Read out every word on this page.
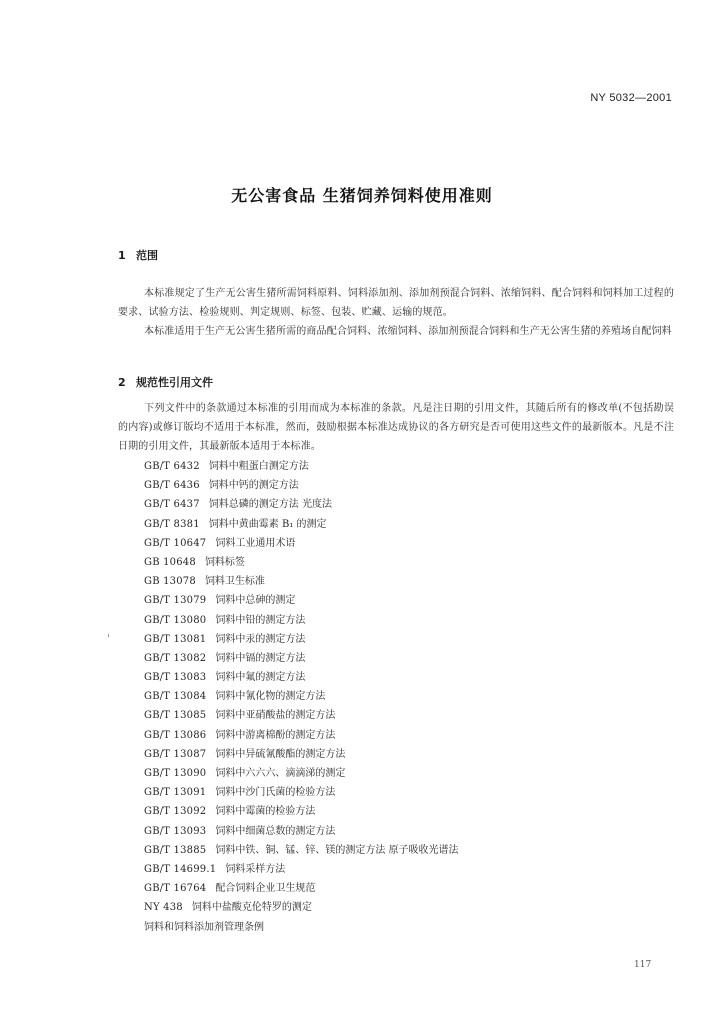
NY 5032—2001
无公害食品 生猪饲养饲料使用准则
1 范围

本标准规定了生产无公害生猪所需饲料原料、饲料添加剂、添加剂预混合饲料、浓缩饲料、配合饲料和饲料加工过程的要求、试验方法、检验规则、判定规则、标签、包装、贮藏、运输的规范。

本标准适用于生产无公害生猪所需的商品配合饲料、浓缩饲料、添加剂预混合饲料和生产无公害生猪的养殖场自配饲料

2 规范性引用文件

下列文件中的条款通过本标准的引用而成为本标准的条款。凡是注日期的引用文件，其随后所有的修改单(不包括勘误的内容)或修订版均不适用于本标准，然而，鼓励根据本标准达成协议的各方研究是否可使用这些文件的最新版本。凡是不注日期的引用文件，其最新版本适用于本标准。

GB/T 6432 饲料中粗蛋白测定方法
GB/T 6436 饲料中钙的测定方法
GB/T 6437 饲料总磷的测定方法 光度法
GB/T 8381 饲料中黄曲霉素 B₁ 的测定
GB/T 10647 饲料工业通用术语
GB 10648 饲料标签
GB 13078 饲料卫生标准
GB/T 13079 饲料中总砷的测定
GB/T 13080 饲料中铅的测定方法
GB/T 13081 饲料中汞的测定方法
GB/T 13082 饲料中镉的测定方法
GB/T 13083 饲料中氟的测定方法
GB/T 13084 饲料中氰化物的测定方法
GB/T 13085 饲料中亚硝酸盐的测定方法
GB/T 13086 饲料中游离棉酚的测定方法
GB/T 13087 饲料中异硫氰酸酯的测定方法
GB/T 13090 饲料中六六六、滴滴涕的测定
GB/T 13091 饲料中沙门氏菌的检验方法
GB/T 13092 饲料中霉菌的检验方法
GB/T 13093 饲料中细菌总数的测定方法
GB/T 13885 饲料中铁、铜、锰、锌、镁的测定方法 原子吸收光谱法
GB/T 14699.1 饲料采样方法
GB/T 16764 配合饲料企业卫生规范
NY 438 饲料中盐酸克伦特罗的测定
饲料和饲料添加剂管理条例
117
